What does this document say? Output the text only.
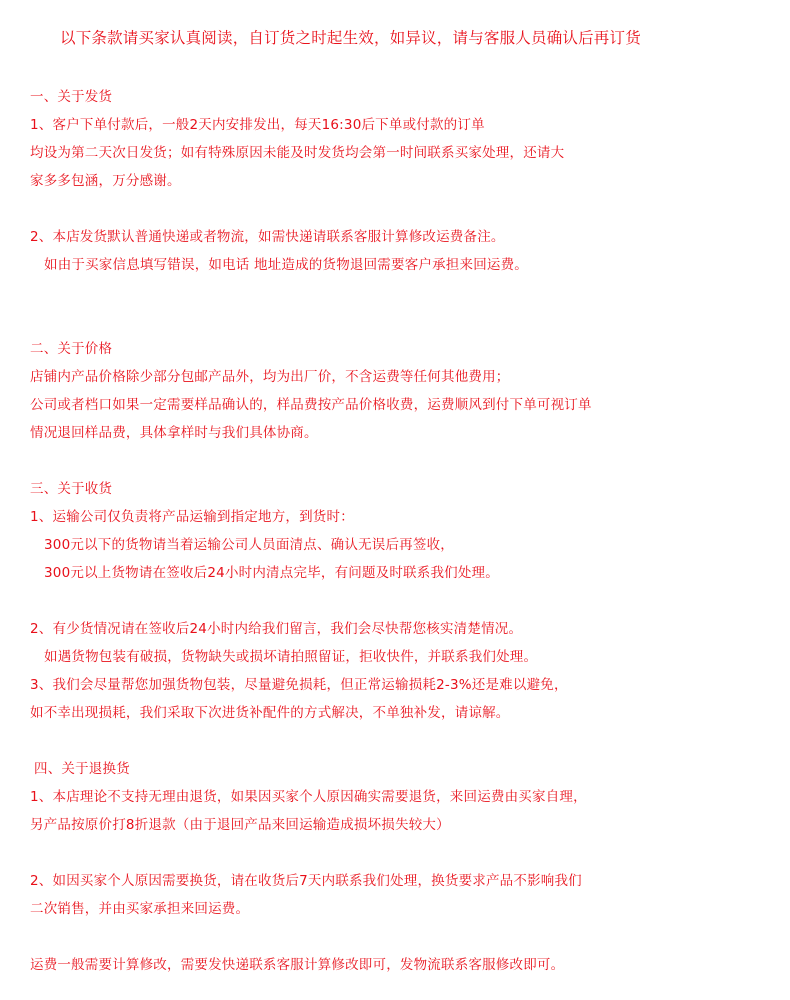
以下条款请买家认真阅读，自订货之时起生效，如异议，请与客服人员确认后再订货
一、关于发货
1、客户下单付款后，一般2天内安排发出，每天16:30后下单或付款的订单
均设为第二天次日发货；如有特殊原因未能及时发货均会第一时间联系买家处理，还请大
家多多包涵，万分感谢。
2、本店发货默认普通快递或者物流，如需快递请联系客服计算修改运费备注。
如由于买家信息填写错误，如电话 地址造成的货物退回需要客户承担来回运费。
二、关于价格
店铺内产品价格除少部分包邮产品外，均为出厂价，不含运费等任何其他费用；
公司或者档口如果一定需要样品确认的，样品费按产品价格收费，运费顺风到付下单可视订单
情况退回样品费，具体拿样时与我们具体协商。
三、关于收货
1、运输公司仅负责将产品运输到指定地方，到货时：
300元以下的货物请当着运输公司人员面清点、确认无误后再签收，
300元以上货物请在签收后24小时内清点完毕，有问题及时联系我们处理。
2、有少货情况请在签收后24小时内给我们留言，我们会尽快帮您核实清楚情况。
如遇货物包装有破损，货物缺失或损坏请拍照留证，拒收快件，并联系我们处理。
3、我们会尽量帮您加强货物包装，尽量避免损耗，但正常运输损耗2-3%还是难以避免，
如不幸出现损耗，我们采取下次进货补配件的方式解决，不单独补发，请谅解。
四、关于退换货
1、本店理论不支持无理由退货，如果因买家个人原因确实需要退货，来回运费由买家自理，
另产品按原价打8折退款（由于退回产品来回运输造成损坏损失较大）
2、如因买家个人原因需要换货，请在收货后7天内联系我们处理，换货要求产品不影响我们
二次销售，并由买家承担来回运费。
运费一般需要计算修改，需要发快递联系客服计算修改即可，发物流联系客服修改即可。
